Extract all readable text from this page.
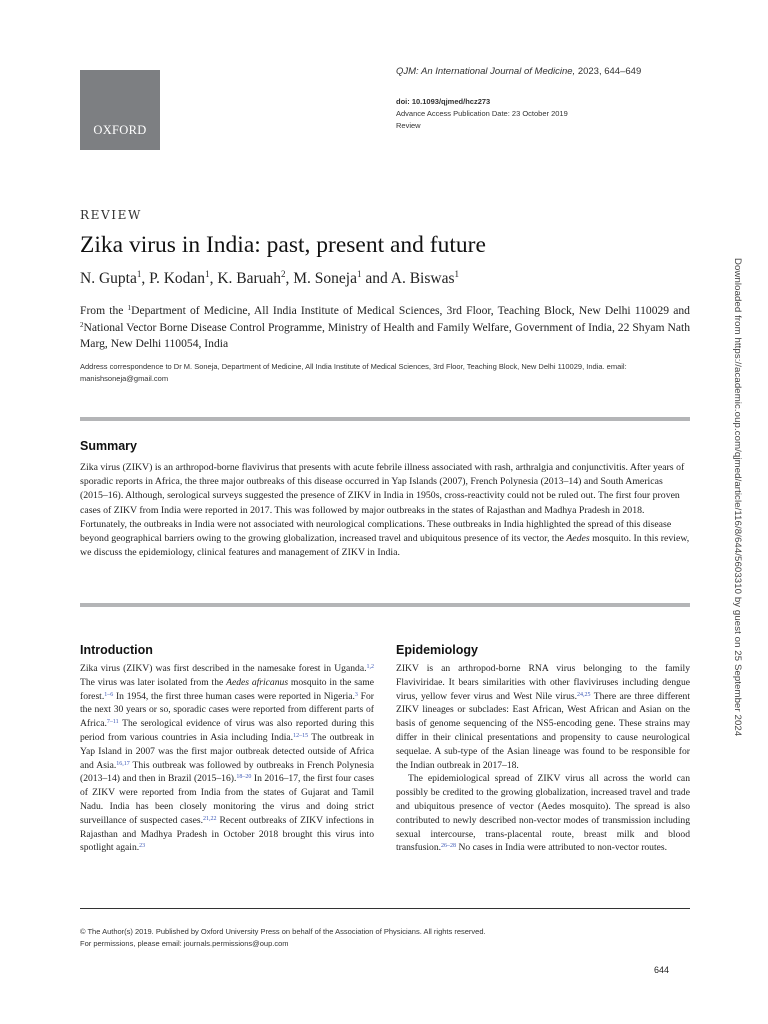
OXFORD
QJM: An International Journal of Medicine, 2023, 644–649
doi: 10.1093/qjmed/hcz273
Advance Access Publication Date: 23 October 2019
Review
REVIEW
Zika virus in India: past, present and future
N. Gupta$^1$, P. Kodan$^1$, K. Baruah$^2$, M. Soneja$^1$ and A. Biswas$^1$
From the $^1$Department of Medicine, All India Institute of Medical Sciences, 3rd Floor, Teaching Block, New Delhi 110029 and $^2$National Vector Borne Disease Control Programme, Ministry of Health and Family Welfare, Government of India, 22 Shyam Nath Marg, New Delhi 110054, India
Address correspondence to Dr M. Soneja, Department of Medicine, All India Institute of Medical Sciences, 3rd Floor, Teaching Block, New Delhi 110029, India. email: manishsoneja@gmail.com
Summary
Zika virus (ZIKV) is an arthropod-borne flavivirus that presents with acute febrile illness associated with rash, arthralgia and conjunctivitis. After years of sporadic reports in Africa, the three major outbreaks of this disease occurred in Yap Islands (2007), French Polynesia (2013–14) and South Americas (2015–16). Although, serological surveys suggested the presence of ZIKV in India in 1950s, cross-reactivity could not be ruled out. The first four proven cases of ZIKV from India were reported in 2017. This was followed by major outbreaks in the states of Rajasthan and Madhya Pradesh in 2018. Fortunately, the outbreaks in India were not associated with neurological complications. These outbreaks in India highlighted the spread of this disease beyond geographical barriers owing to the growing globalization, increased travel and ubiquitous presence of its vector, the Aedes mosquito. In this review, we discuss the epidemiology, clinical features and management of ZIKV in India.
Introduction

Zika virus (ZIKV) was first described in the namesake forest in Uganda.$^{1,2}$ The virus was later isolated from the Aedes africanus mosquito in the same forest.$^{1-6}$ In 1954, the first three human cases were reported in Nigeria.$^3$ For the next 30 years or so, sporadic cases were reported from different parts of Africa.$^{7-11}$ The serological evidence of virus was also reported during this period from various countries in Asia including India.$^{12-15}$ The outbreak in Yap Island in 2007 was the first major outbreak detected outside of Africa and Asia.$^{16,17}$ This outbreak was followed by outbreaks in French Polynesia (2013–14) and then in Brazil (2015–16).$^{18-20}$ In 2016–17, the first four cases of ZIKV were reported from India from the states of Gujarat and Tamil Nadu. India has been closely monitoring the virus and doing strict surveillance of suspected cases.$^{21,22}$ Recent outbreaks of ZIKV infections in Rajasthan and Madhya Pradesh in October 2018 brought this virus into spotlight again.$^{23}$

Epidemiology

ZIKV is an arthropod-borne RNA virus belonging to the family Flaviviridae. It bears similarities with other flaviviruses including dengue virus, yellow fever virus and West Nile virus.$^{24,25}$ There are three different ZIKV lineages or subclades: East African, West African and Asian on the basis of genome sequencing of the NS5-encoding gene. These strains may differ in their clinical presentations and propensity to cause neurological sequelae. A sub-type of the Asian lineage was found to be responsible for the Indian outbreak in 2017–18.

The epidemiological spread of ZIKV virus all across the world can possibly be credited to the growing globalization, increased travel and trade and ubiquitous presence of vector (Aedes mosquito). The spread is also contributed to newly described non-vector modes of transmission including sexual intercourse, trans-placental route, breast milk and blood transfusion.$^{26-28}$ No cases in India were attributed to non-vector routes.

© The Author(s) 2019. Published by Oxford University Press on behalf of the Association of Physicians. All rights reserved.
For permissions, please email: journals.permissions@oup.com
644
Downloaded from https://academic.oup.com/qjmed/article/116/8/644/5603310 by guest on 25 September 2024
